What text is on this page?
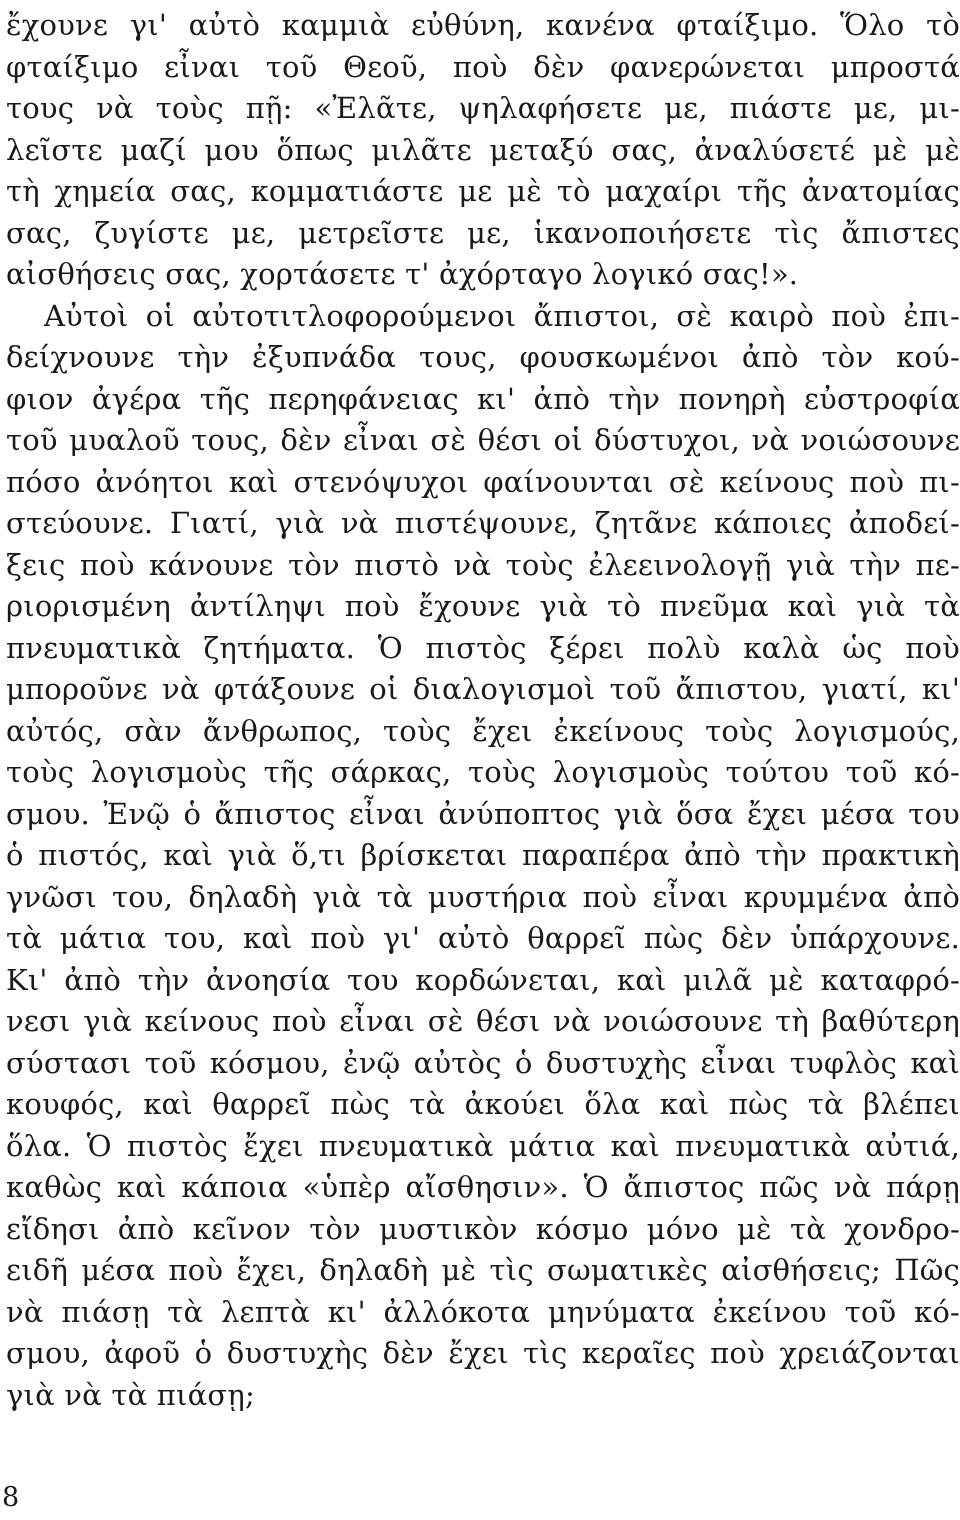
ἔχουνε γι' αὐτὸ καμμιὰ εὐθύνη, κανένα φταίξιμο. Ὅλο τὸ
φταίξιμο εἶναι τοῦ Θεοῦ, ποὺ δὲν φανερώνεται μπροστά
τους νὰ τοὺς πῇ: «Ἐλᾶτε, ψηλαφήσετε με, πιάστε με, μι-
λεῖστε μαζί μου ὅπως μιλᾶτε μεταξύ σας, ἀναλύσετέ μὲ μὲ
τὴ χημεία σας, κομματιάστε με μὲ τὸ μαχαίρι τῆς ἀνατομίας
σας, ζυγίστε με, μετρεῖστε με, ἱκανοποιήσετε τὶς ἄπιστες
αἰσθήσεις σας, χορτάσετε τ' ἀχόρταγο λογικό σας!».
Αὐτοὶ οἱ αὐτοτιτλοφορούμενοι ἄπιστοι, σὲ καιρὸ ποὺ ἐπι-
δείχνουνε τὴν ἐξυπνάδα τους, φουσκωμένοι ἀπὸ τὸν κού-
φιον ἀγέρα τῆς περηφάνειας κι' ἀπὸ τὴν πονηρὴ εὐστροφία
τοῦ μυαλοῦ τους, δὲν εἶναι σὲ θέσι οἱ δύστυχοι, νὰ νοιώσουνε
πόσο ἀνόητοι καὶ στενόψυχοι φαίνουνται σὲ κείνους ποὺ πι-
στεύουνε. Γιατί, γιὰ νὰ πιστέψουνε, ζητᾶνε κάποιες ἀποδεί-
ξεις ποὺ κάνουνε τὸν πιστὸ νὰ τοὺς ἐλεεινολογῇ γιὰ τὴν πε-
ριορισμένη ἀντίληψι ποὺ ἔχουνε γιὰ τὸ πνεῦμα καὶ γιὰ τὰ
πνευματικὰ ζητήματα. Ὁ πιστὸς ξέρει πολὺ καλὰ ὡς ποὺ
μποροῦνε νὰ φτάξουνε οἱ διαλογισμοὶ τοῦ ἄπιστου, γιατί, κι'
αὐτός, σὰν ἄνθρωπος, τοὺς ἔχει ἐκείνους τοὺς λογισμούς,
τοὺς λογισμοὺς τῆς σάρκας, τοὺς λογισμοὺς τούτου τοῦ κό-
σμου. Ἐνῷ ὁ ἄπιστος εἶναι ἀνύποπτος γιὰ ὅσα ἔχει μέσα του
ὁ πιστός, καὶ γιὰ ὅ,τι βρίσκεται παραπέρα ἀπὸ τὴν πρακτικὴ
γνῶσι του, δηλαδὴ γιὰ τὰ μυστήρια ποὺ εἶναι κρυμμένα ἀπὸ
τὰ μάτια του, καὶ ποὺ γι' αὐτὸ θαρρεῖ πὼς δὲν ὑπάρχουνε.
Κι' ἀπὸ τὴν ἀνοησία του κορδώνεται, καὶ μιλᾶ μὲ καταφρό-
νεσι γιὰ κείνους ποὺ εἶναι σὲ θέσι νὰ νοιώσουνε τὴ βαθύτερη
σύστασι τοῦ κόσμου, ἐνῷ αὐτὸς ὁ δυστυχὴς εἶναι τυφλὸς καὶ
κουφός, καὶ θαρρεῖ πὼς τὰ ἀκούει ὅλα καὶ πὼς τὰ βλέπει
ὅλα. Ὁ πιστὸς ἔχει πνευματικὰ μάτια καὶ πνευματικὰ αὐτιά,
καθὼς καὶ κάποια «ὑπὲρ αἴσθησιν». Ὁ ἄπιστος πῶς νὰ πάρῃ
εἴδησι ἀπὸ κεῖνον τὸν μυστικὸν κόσμο μόνο μὲ τὰ χονδρο-
ειδῆ μέσα ποὺ ἔχει, δηλαδὴ μὲ τὶς σωματικὲς αἰσθήσεις; Πῶς
νὰ πιάσῃ τὰ λεπτὰ κι' ἀλλόκοτα μηνύματα ἐκείνου τοῦ κό-
σμου, ἀφοῦ ὁ δυστυχὴς δὲν ἔχει τὶς κεραῖες ποὺ χρειάζονται
γιὰ νὰ τὰ πιάσῃ;
8
